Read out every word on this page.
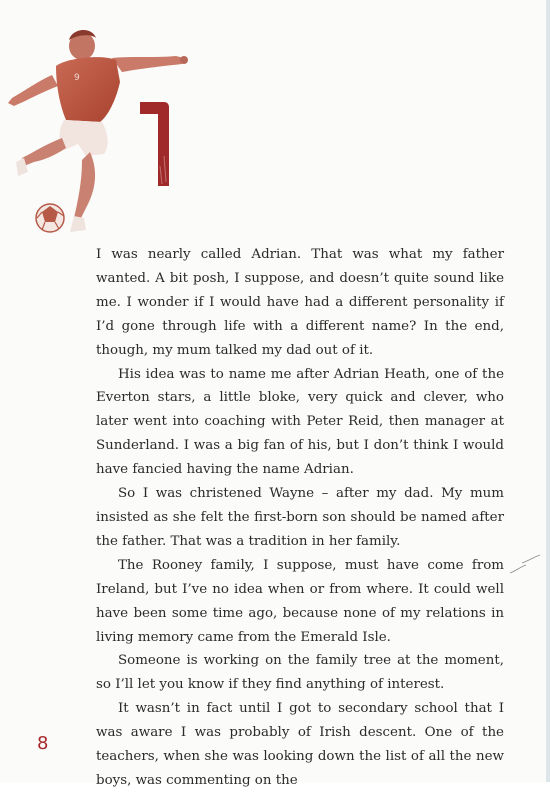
9

I was nearly called Adrian. That was what my father wanted. A bit posh, I suppose, and doesn’t quite sound like me. I wonder if I would have had a different personality if I’d gone through life with a different name? In the end, though, my mum talked my dad out of it.

His idea was to name me after Adrian Heath, one of the Everton stars, a little bloke, very quick and clever, who later went into coaching with Peter Reid, then manager at Sunderland. I was a big fan of his, but I don’t think I would have fancied having the name Adrian.

So I was christened Wayne – after my dad. My mum insisted as she felt the first-born son should be named after the father. That was a tradition in her family.

The Rooney family, I suppose, must have come from Ireland, but I’ve no idea when or from where. It could well have been some time ago, because none of my relations in living memory came from the Emerald Isle.

Someone is working on the family tree at the moment, so I’ll let you know if they find anything of interest.

It wasn’t in fact until I got to secondary school that I was aware I was probably of Irish descent. One of the teachers, when she was looking down the list of all the new boys, was commenting on the

8
